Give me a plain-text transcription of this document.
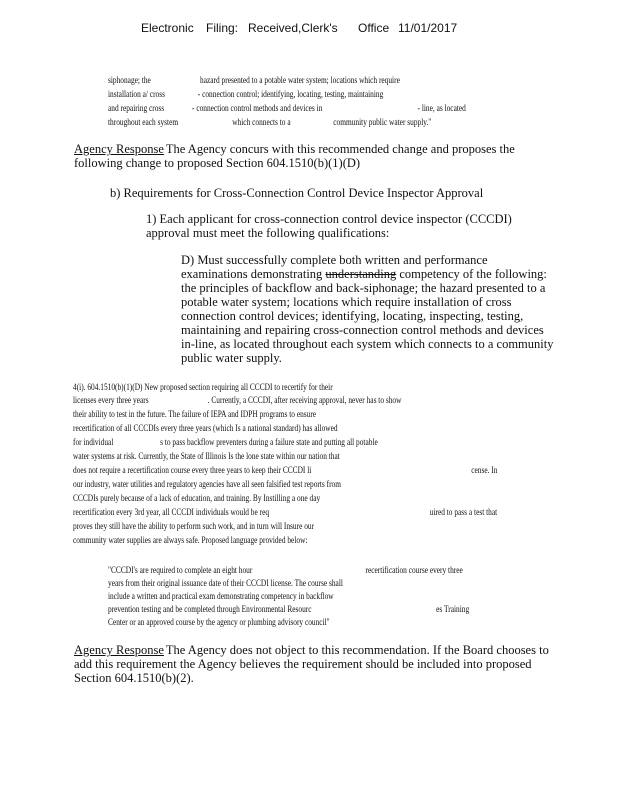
Electronic Filing: Received,Clerk's Office 11/01/2017
siphonage; the	hazard presented to a potable water system; locations which require
installation a/ cross	- connection control; identifying, locating, testing, maintaining
and repairing cross	- connection control methods and devices in	- line, as located
throughout each system	which connects to a	community public water supply."
Agency Response The Agency concurs with this recommended change and proposes the
following change to proposed Section 604.1510(b)(1)(D)
b) Requirements for Cross-Connection Control Device Inspector Approval
1) Each applicant for cross-connection control device inspector (CCCDI)
approval must meet the following qualifications:
D) Must successfully complete both written and performance
examinations demonstrating understanding competency of the following:
the principles of backflow and back-siphonage; the hazard presented to a
potable water system; locations which require installation of cross
connection control devices; identifying, locating, inspecting, testing,
maintaining and repairing cross-connection control methods and devices
in-line, as located throughout each system which connects to a community
public water supply.
4(i). 604.1510(b)(1)(D) New proposed section requiring all CCCDI to recertify for their
licenses every three years	. Currently, a CCCDI, after receiving approval, never has to show
their ability to test in the future. The failure of IEPA and IDPH programs to ensure
recertification of all CCCDIs every three years (which Is a national standard) has allowed
for individual	s to pass backflow preventers during a failure state and putting all potable
water systems at risk. Currently, the State of Illinois Is the lone state within our nation that
does not require a recertification course every three years to keep their CCCDI li	cense. In
our industry, water utilities and regulatory agencies have all seen falsified test reports from
CCCDIs purely because of a lack of education, and training. By Instilling a one day
recertification every 3rd year, all CCCDI individuals would be req	uired to pass a test that
proves they still have the ability to perform such work, and in turn will Insure our
community water supplies are always safe. Proposed language provided below:
"CCCDI's are required to complete an eight hour	recertification course every three
years from their original issuance date of their CCCDI license. The course shall
include a written and practical exam demonstrating competency in backflow
prevention testing and be completed through Environmental Resourc	es Training
Center or an approved course by the agency or plumbing advisory council"
Agency Response The Agency does not object to this recommendation. If the Board chooses to
add this requirement the Agency believes the requirement should be included into proposed
Section 604.1510(b)(2).
